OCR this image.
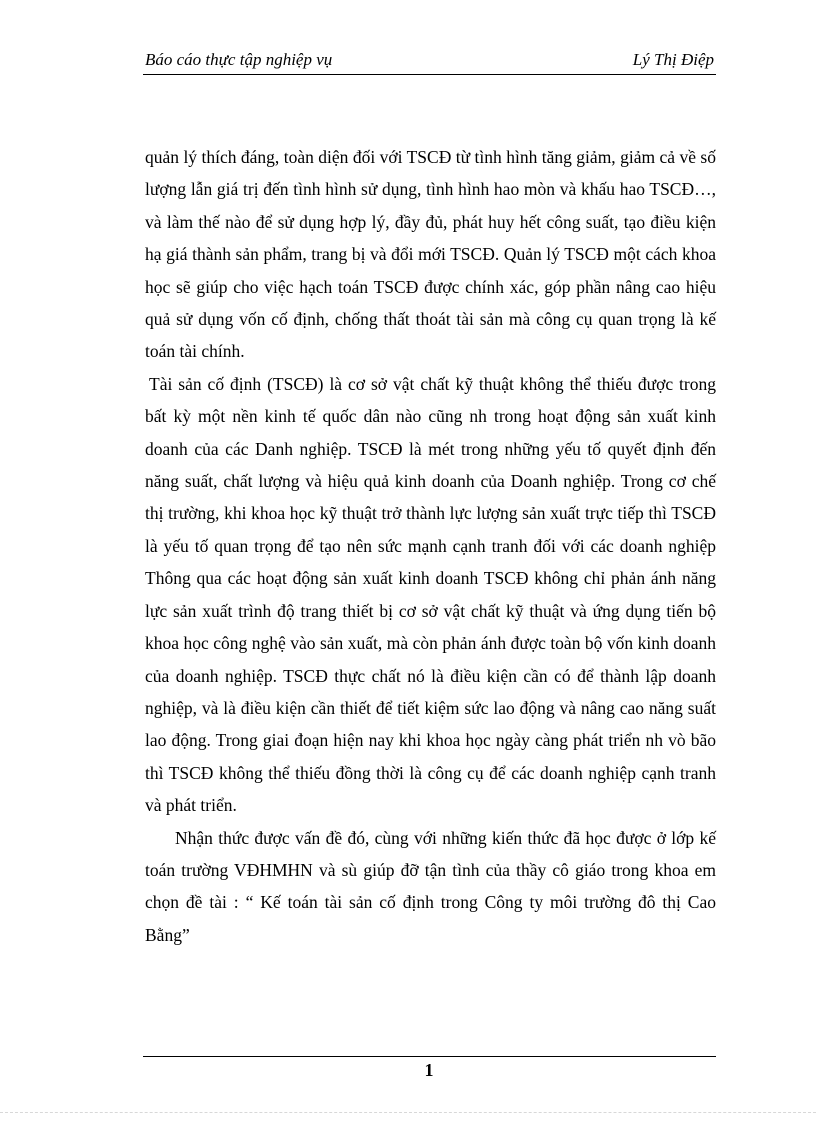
Báo cáo thực tập nghiệp vụ	Lý Thị Điệp

quản lý thích đáng, toàn diện đối với TSCĐ từ tình hình tăng giảm, giảm cả về số lượng lẫn giá trị đến tình hình sử dụng, tình hình hao mòn và khấu hao TSCĐ…, và làm thế nào để sử dụng hợp lý, đầy đủ, phát huy hết công suất, tạo điều kiện hạ giá thành sản phẩm, trang bị và đổi mới TSCĐ. Quản lý TSCĐ một cách khoa học sẽ giúp cho việc hạch toán TSCĐ được chính xác, góp phần nâng cao hiệu quả sử dụng vốn cố định, chống thất thoát tài sản mà công cụ quan trọng là kế toán tài chính.

Tài sản cố định (TSCĐ) là cơ sở vật chất kỹ thuật không thể thiếu được trong bất kỳ một nền kinh tế quốc dân nào cũng nh trong hoạt động sản xuất kinh doanh của các Danh nghiệp. TSCĐ là mét trong những yếu tố quyết định đến năng suất, chất lượng và hiệu quả kinh doanh của Doanh nghiệp. Trong cơ chế thị trường, khi khoa học kỹ thuật trở thành lực lượng sản xuất trực tiếp thì TSCĐ là yếu tố quan trọng để tạo nên sức mạnh cạnh tranh đối với các doanh nghiệp Thông qua các hoạt động sản xuất kinh doanh TSCĐ không chỉ phản ánh năng lực sản xuất trình độ trang thiết bị cơ sở vật chất kỹ thuật và ứng dụng tiến bộ khoa học công nghệ vào sản xuất, mà còn phản ánh được toàn bộ vốn kinh doanh của doanh nghiệp. TSCĐ thực chất nó là điều kiện cần có để thành lập doanh nghiệp, và là điều kiện cần thiết để tiết kiệm sức lao động và nâng cao năng suất lao động. Trong giai đoạn hiện nay khi khoa học ngày càng phát triển nh vò bão thì TSCĐ không thể thiếu đồng thời là công cụ để các doanh nghiệp cạnh tranh và phát triển.

Nhận thức được vấn đề đó, cùng với những kiến thức đã học được ở lớp kế toán trường VĐHMHN và sù giúp đỡ tận tình của thầy cô giáo trong khoa em chọn đề tài : “ Kế toán tài sản cố định trong Công ty môi trường đô thị Cao Bằng”

1
